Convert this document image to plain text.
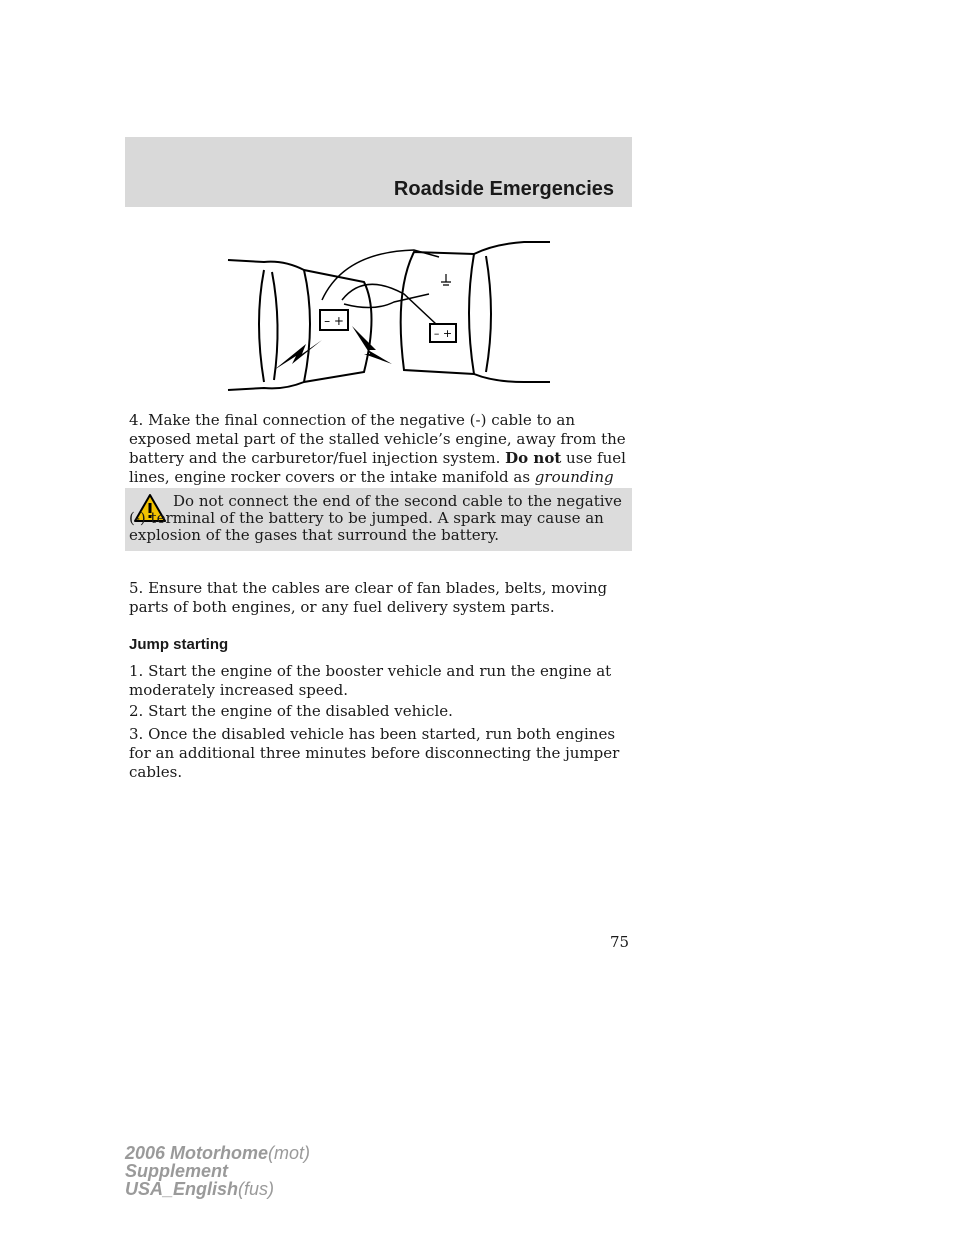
Roadside Emergencies
– +
– +

4. Make the final connection of the negative (-) cable to an exposed metal part of the stalled vehicle’s engine, away from the battery and the carburetor/fuel injection system. Do not use fuel lines, engine rocker covers or the intake manifold as grounding

Do not connect the end of the second cable to the negative (-) terminal of the battery to be jumped. A spark may cause an explosion of the gases that surround the battery.

5. Ensure that the cables are clear of fan blades, belts, moving parts of both engines, or any fuel delivery system parts.

Jump starting

1. Start the engine of the booster vehicle and run the engine at moderately increased speed.

2. Start the engine of the disabled vehicle.

3. Once the disabled vehicle has been started, run both engines for an additional three minutes before disconnecting the jumper cables.

75
2006 Motorhome(mot)
Supplement
USA_English(fus)
